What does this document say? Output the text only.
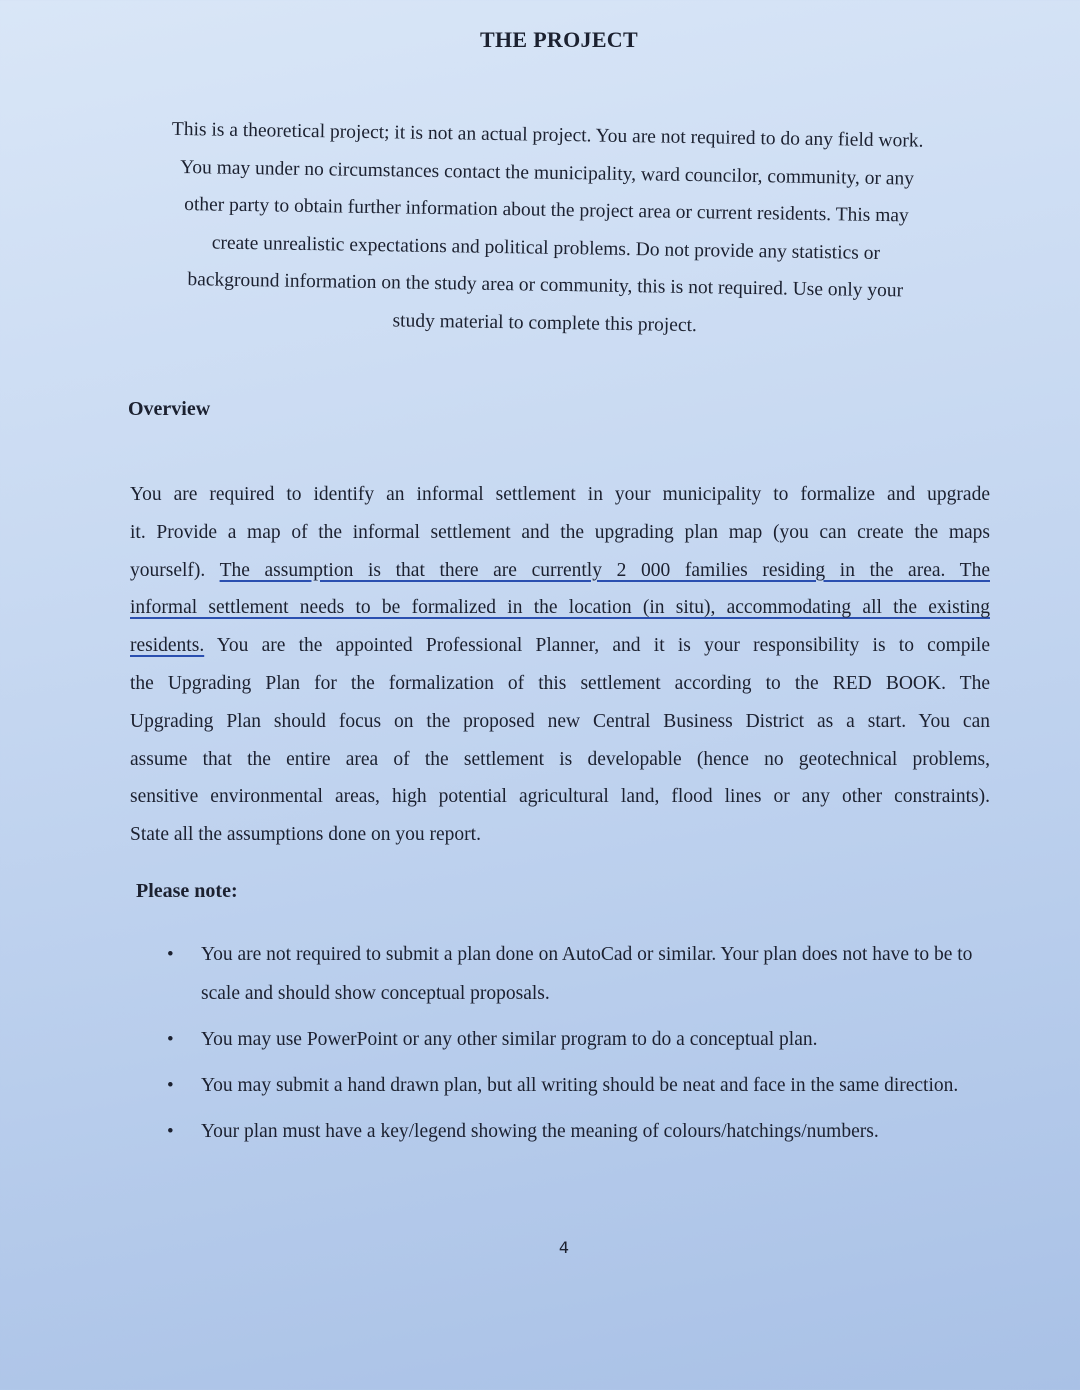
THE PROJECT
This is a theoretical project; it is not an actual project. You are not required to do any field work.
You may under no circumstances contact the municipality, ward councilor, community, or any
other party to obtain further information about the project area or current residents. This may
create unrealistic expectations and political problems. Do not provide any statistics or
background information on the study area or community, this is not required. Use only your
study material to complete this project.
Overview
You are required to identify an informal settlement in your municipality to formalize and upgrade
it. Provide a map of the informal settlement and the upgrading plan map (you can create the maps
yourself). The assumption is that there are currently 2 000 families residing in the area. The
informal settlement needs to be formalized in the location (in situ), accommodating all the existing
residents. You are the appointed Professional Planner, and it is your responsibility is to compile
the Upgrading Plan for the formalization of this settlement according to the RED BOOK. The
Upgrading Plan should focus on the proposed new Central Business District as a start. You can
assume that the entire area of the settlement is developable (hence no geotechnical problems,
sensitive environmental areas, high potential agricultural land, flood lines or any other constraints).
State all the assumptions done on you report.
Please note:
• You are not required to submit a plan done on AutoCad or similar. Your plan does not have to be to scale and should show conceptual proposals.
• You may use PowerPoint or any other similar program to do a conceptual plan.
• You may submit a hand drawn plan, but all writing should be neat and face in the same direction.
• Your plan must have a key/legend showing the meaning of colours/hatchings/numbers.
4
